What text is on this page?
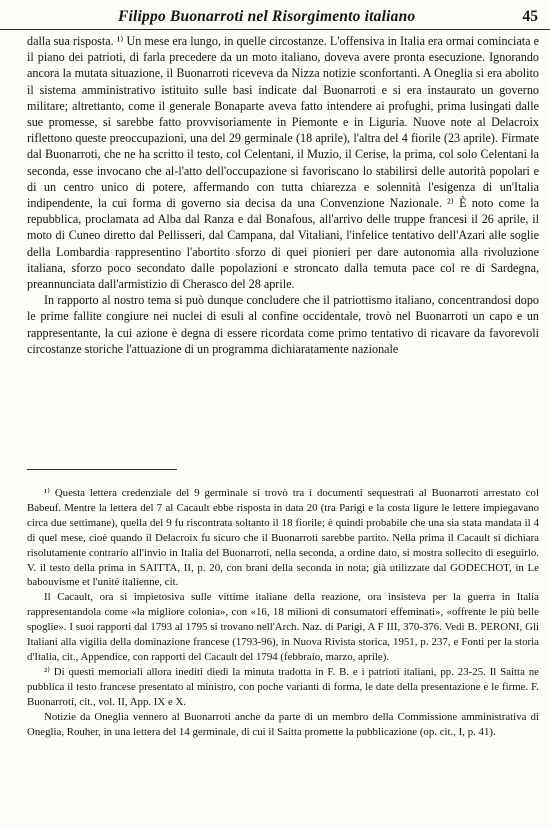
Filippo Buonarroti nel Risorgimento italiano	45

dalla sua risposta. ¹⁾ Un mese era lungo, in quelle circostanze. L'offensiva in Italia era ormai cominciata e il piano dei patrioti, di farla precedere da un moto italiano, doveva avere pronta esecuzione. Ignorando ancora la mutata situazione, il Buonarroti riceveva da Nizza notizie sconfortanti. A Oneglia si era abolito il sistema amministrativo istituito sulle basi indicate dal Buonarroti e si era instaurato un governo militare; altrettanto, come il generale Bonaparte aveva fatto intendere ai profughi, prima lusingati dalle sue promesse, si sarebbe fatto provvisoriamente in Piemonte e in Liguria. Nuove note al Delacroix riflettono queste preoccupazioni, una del 29 germinale (18 aprile), l'altra del 4 fiorile (23 aprile). Firmate dal Buonarroti, che ne ha scritto il testo, col Celentani, il Muzio, il Cerise, la prima, col solo Celentani la seconda, esse invocano che al-l'atto dell'occupazione si favoriscano lo stabilirsi delle autorità popolari e di un centro unico di potere, affermando con tutta chiarezza e solennità l'esigenza di un'Italia indipendente, la cui forma di governo sia decisa da una Convenzione Nazionale. ²⁾ È noto come la repubblica, proclamata ad Alba dal Ranza e dal Bonafous, all'arrivo delle truppe francesi il 26 aprile, il moto di Cuneo diretto dal Pellisseri, dal Campana, dal Vitaliani, l'infelice tentativo dell'Azari alle soglie della Lombardia rappresentino l'abortito sforzo di quei pionieri per dare autonomia alla rivoluzione italiana, sforzo poco secondato dalle popolazioni e stroncato dalla temuta pace col re di Sardegna, preannunciata dall'armistizio di Cherasco del 28 aprile.

In rapporto al nostro tema si può dunque concludere che il patriottismo italiano, concentrandosi dopo le prime fallite congiure nei nuclei di esuli al confine occidentale, trovò nel Buonarroti un capo e un rappresentante, la cui azione è degna di essere ricordata come primo tentativo di ricavare da favorevoli circostanze storiche l'attuazione di un programma dichiaratamente nazionale

¹⁾ Questa lettera credenziale del 9 germinale si trovò tra i documenti sequestrati al Buonarroti arrestato col Babeuf. Mentre la lettera del 7 al Cacault ebbe risposta in data 20 (tra Parigi e la costa ligure le lettere impiegavano circa due settimane), quella del 9 fu riscontrata soltanto il 18 fiorile; è quindi probabile che una sia stata mandata il 4 di quel mese, cioè quando il Delacroix fu sicuro che il Buonarroti sarebbe partito. Nella prima il Cacault si dichiara risolutamente contrario all'invio in Italia del Buonarroti, nella seconda, a ordine dato, si mostra sollecito di eseguirlo. V. il testo della prima in SAITTA, II, p. 20, con brani della seconda in nota; già utilizzate dal GODECHOT, in Le babouvisme et l'unité italienne, cit.

Il Cacault, ora si impietosiva sulle vittime italiane della reazione, ora insisteva per la guerra in Italia rappresentandola come «la migliore colonia», con «16, 18 milioni di consumatori effeminati», «offrente le più belle spoglie». I suoi rapporti dal 1793 al 1795 si trovano nell'Arch. Naz. di Parigi, A F III, 370-376. Vedi B. PERONI, Gli Italiani alla vigilia della dominazione francese (1793-96), in Nuova Rivista storica, 1951, p. 237, e Fonti per la storia d'Italia, cit., Appendice, con rapporti del Cacault del 1794 (febbraio, marzo, aprile).

²⁾ Di questi memoriali allora inediti diedi la minuta tradotta in F. B. e i patrioti italiani, pp. 23-25. Il Saitta ne pubblica il testo francese presentato al ministro, con poche varianti di forma, le date della presentazione e le firme. F. Buonarroti, cit., vol. II, App. IX e X.

Notizie da Oneglia vennero al Buonarroti anche da parte di un membro della Commissione amministrativa di Oneglia, Rouher, in una lettera del 14 germinale, di cui il Saitta promette la pubblicazione (op. cit., I, p. 41).
